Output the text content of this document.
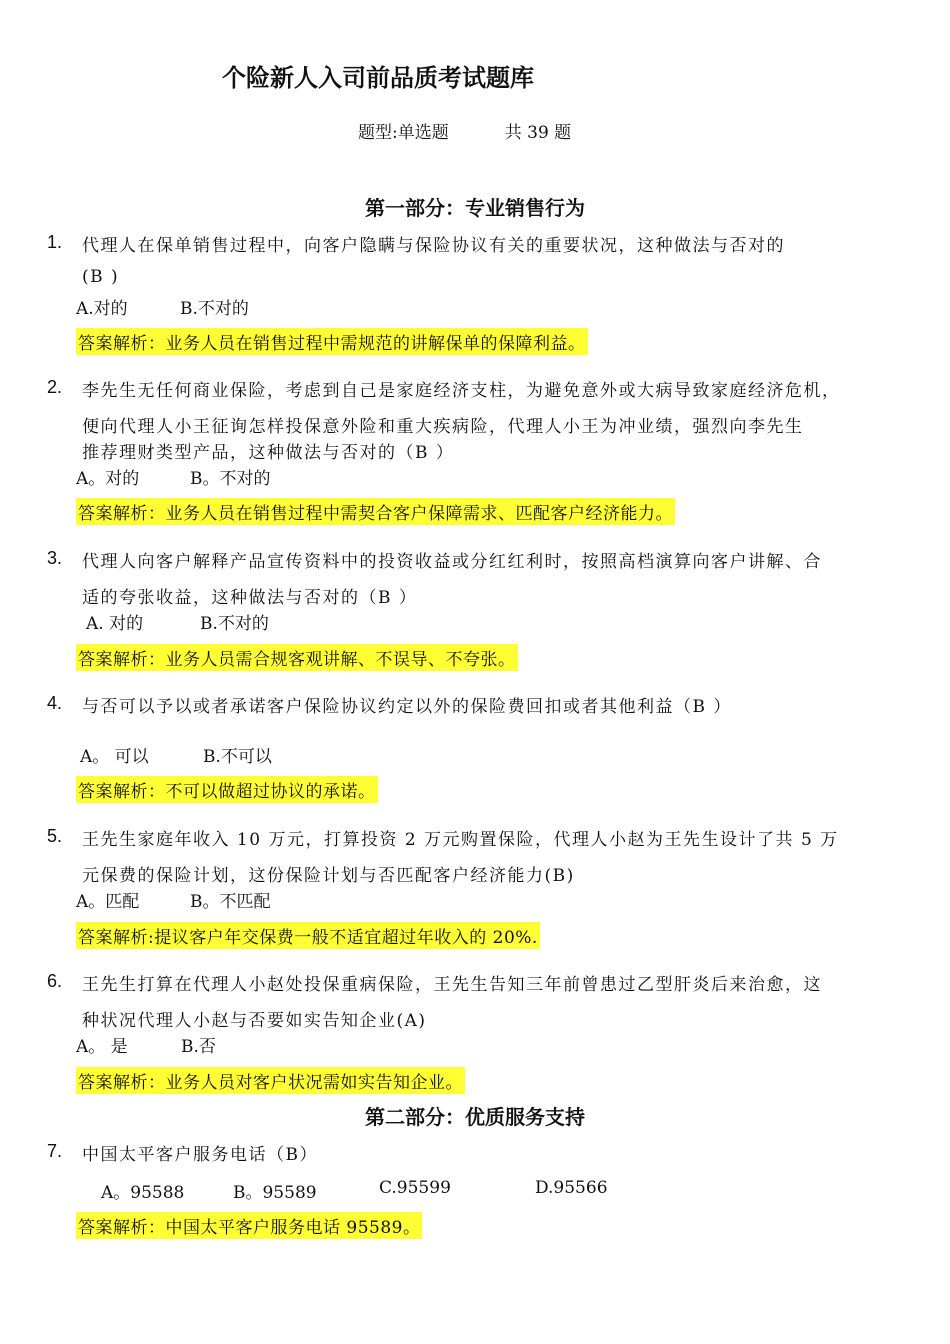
个险新人入司前品质考试题库
题型:单选题	共 39 题
第一部分：专业销售行为
1. 代理人在保单销售过程中，向客户隐瞒与保险协议有关的重要状况，这种做法与否对的
(B )
A.对的	B.不对的
答案解析：业务人员在销售过程中需规范的讲解保单的保障利益。
2. 李先生无任何商业保险，考虑到自己是家庭经济支柱，为避免意外或大病导致家庭经济危机，
便向代理人小王征询怎样投保意外险和重大疾病险，代理人小王为冲业绩，强烈向李先生
推荐理财类型产品，这种做法与否对的（B ）
A。对的	B。不对的
答案解析：业务人员在销售过程中需契合客户保障需求、匹配客户经济能力。
3. 代理人向客户解释产品宣传资料中的投资收益或分红红利时，按照高档演算向客户讲解、合
适的夸张收益，这种做法与否对的（B ）
A. 对的	B.不对的
答案解析：业务人员需合规客观讲解、不误导、不夸张。
4. 与否可以予以或者承诺客户保险协议约定以外的保险费回扣或者其他利益（B ）
A。 可以	B.不可以
答案解析：不可以做超过协议的承诺。
5. 王先生家庭年收入 10 万元，打算投资 2 万元购置保险，代理人小赵为王先生设计了共 5 万
元保费的保险计划，这份保险计划与否匹配客户经济能力(B)
A。匹配	B。不匹配
答案解析:提议客户年交保费一般不适宜超过年收入的 20%.
6. 王先生打算在代理人小赵处投保重病保险，王先生告知三年前曾患过乙型肝炎后来治愈，这
种状况代理人小赵与否要如实告知企业(A)
A。 是	B.否
答案解析：业务人员对客户状况需如实告知企业。
第二部分：优质服务支持
7. 中国太平客户服务电话（B）
A。95588	B。95589	C.95599	D.95566
答案解析：中国太平客户服务电话 95589。
